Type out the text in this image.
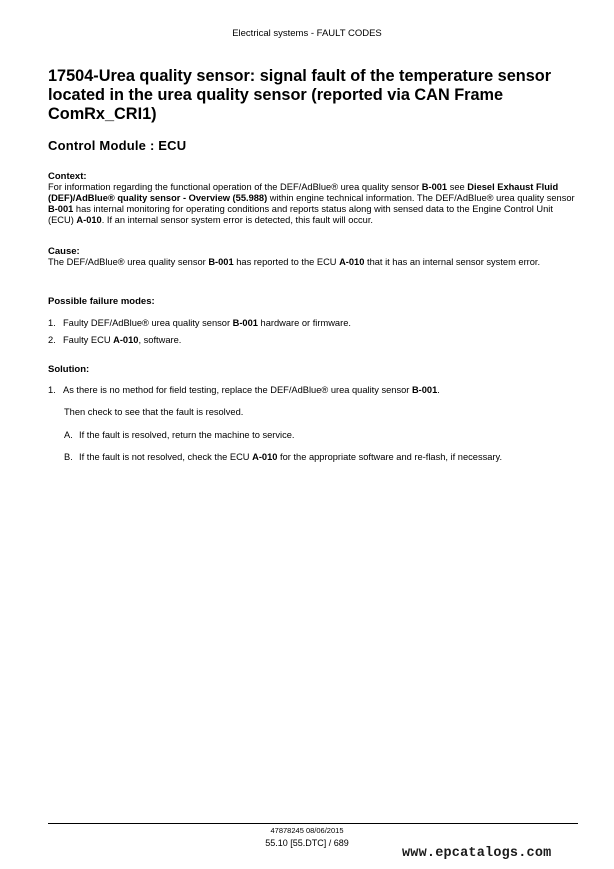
Electrical systems - FAULT CODES
17504-Urea quality sensor: signal fault of the temperature sensor located in the urea quality sensor (reported via CAN Frame ComRx_CRI1)
Control Module : ECU
Context:
For information regarding the functional operation of the DEF/AdBlue® urea quality sensor B-001 see Diesel Exhaust Fluid (DEF)/AdBlue® quality sensor - Overview (55.988) within engine technical information. The DEF/AdBlue® urea quality sensor B-001 has internal monitoring for operating conditions and reports status along with sensed data to the Engine Control Unit (ECU) A-010. If an internal sensor system error is detected, this fault will occur.
Cause:
The DEF/AdBlue® urea quality sensor B-001 has reported to the ECU A-010 that it has an internal sensor system error.
Possible failure modes:
1. Faulty DEF/AdBlue® urea quality sensor B-001 hardware or firmware.
2. Faulty ECU A-010, software.
Solution:
1. As there is no method for field testing, replace the DEF/AdBlue® urea quality sensor B-001.
Then check to see that the fault is resolved.
A. If the fault is resolved, return the machine to service.
B. If the fault is not resolved, check the ECU A-010 for the appropriate software and re-flash, if necessary.
47878245 08/06/2015
55.10 [55.DTC] / 689
www.epcatalogs.com
